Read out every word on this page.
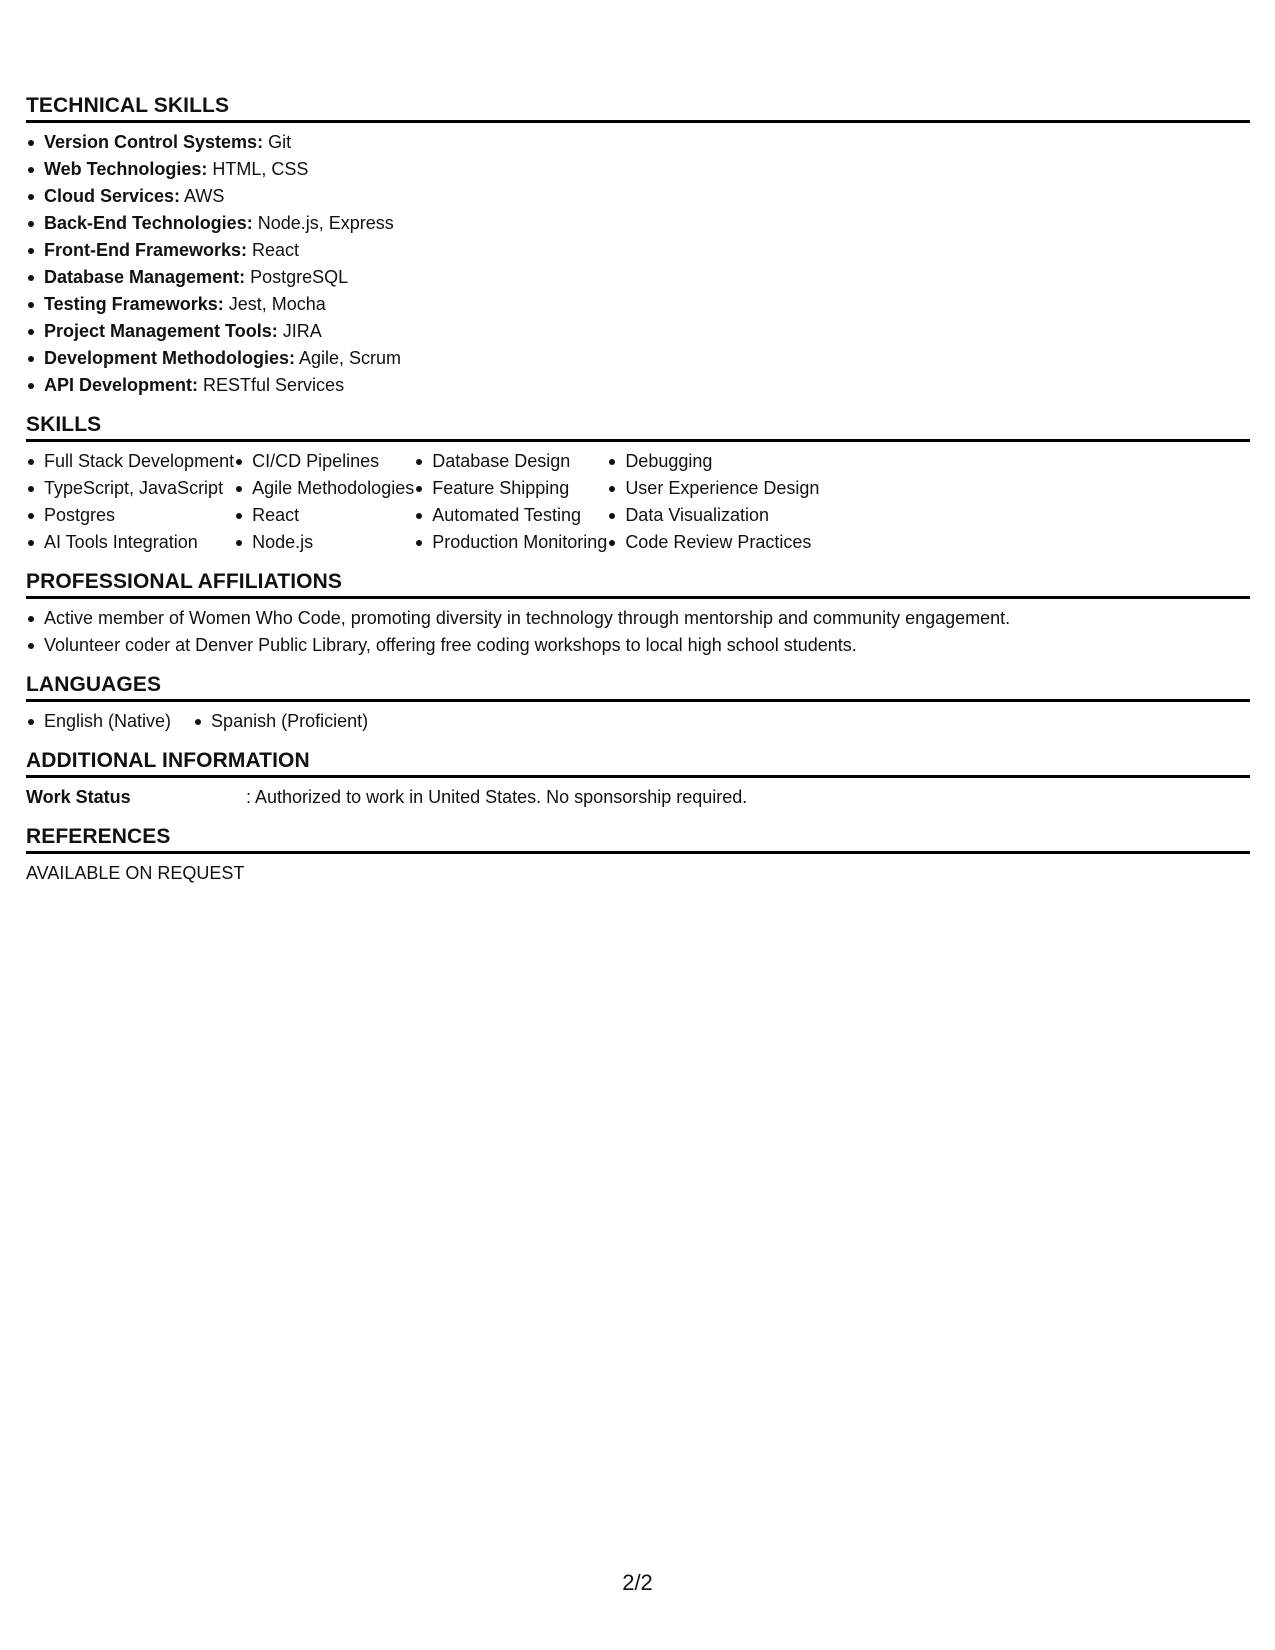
TECHNICAL SKILLS
Version Control Systems: Git
Web Technologies: HTML, CSS
Cloud Services: AWS
Back-End Technologies: Node.js, Express
Front-End Frameworks: React
Database Management: PostgreSQL
Testing Frameworks: Jest, Mocha
Project Management Tools: JIRA
Development Methodologies: Agile, Scrum
API Development: RESTful Services
SKILLS
Full Stack Development
TypeScript, JavaScript
Postgres
AI Tools Integration
CI/CD Pipelines
Agile Methodologies
React
Node.js
Database Design
Feature Shipping
Automated Testing
Production Monitoring
Debugging
User Experience Design
Data Visualization
Code Review Practices
PROFESSIONAL AFFILIATIONS
Active member of Women Who Code, promoting diversity in technology through mentorship and community engagement.
Volunteer coder at Denver Public Library, offering free coding workshops to local high school students.
LANGUAGES
English (Native)	Spanish (Proficient)
ADDITIONAL INFORMATION
Work Status	: Authorized to work in United States. No sponsorship required.
REFERENCES
AVAILABLE ON REQUEST
2/2
